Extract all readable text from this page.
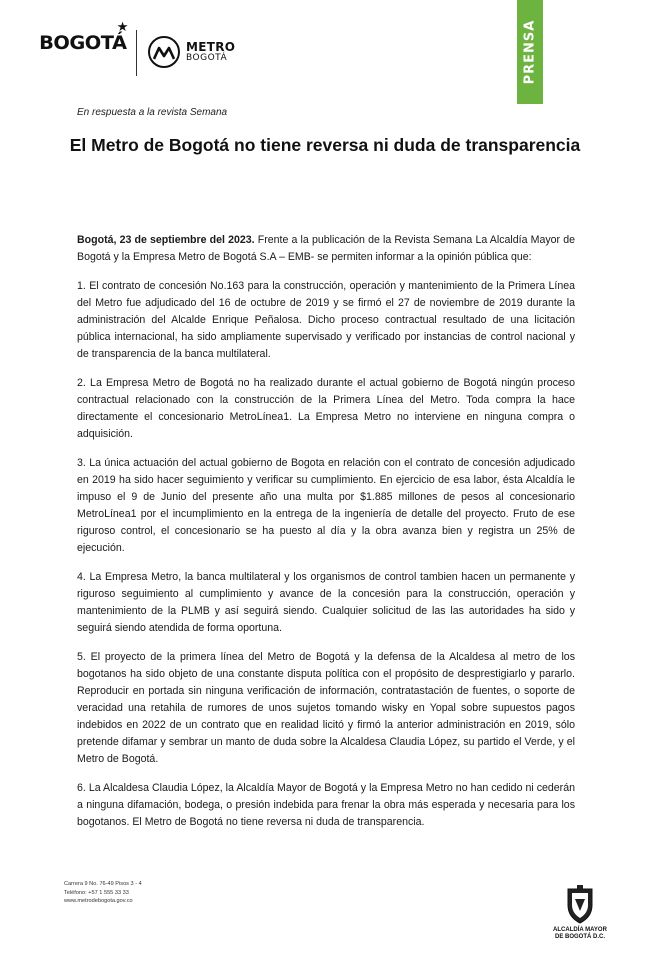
BOGOTÁ
★
METRO
BOGOTÁ	PRENSA
En respuesta a la revista Semana
El Metro de Bogotá no tiene reversa ni duda de transparencia

Bogotá, 23 de septiembre del 2023. Frente a la publicación de la Revista Semana La Alcaldía Mayor de Bogotá y la Empresa Metro de Bogotá S.A – EMB- se permiten informar a la opinión pública que:

1. El contrato de concesión No.163 para la construcción, operación y mantenimiento de la Primera Línea del Metro fue adjudicado del 16 de octubre de 2019 y se firmó el 27 de noviembre de 2019 durante la administración del Alcalde Enrique Peñalosa. Dicho proceso contractual resultado de una licitación pública internacional, ha sido ampliamente supervisado y verificado por instancias de control nacional y de transparencia de la banca multilateral.

2. La Empresa Metro de Bogotá no ha realizado durante el actual gobierno de Bogotá ningún proceso contractual relacionado con la construcción de la Primera Línea del Metro. Toda compra la hace directamente el concesionario MetroLínea1. La Empresa Metro no interviene en ninguna compra o adquisición.

3. La única actuación del actual gobierno de Bogota en relación con el contrato de concesión adjudicado en 2019 ha sido hacer seguimiento y verificar su cumplimiento. En ejercicio de esa labor, ésta Alcaldía le impuso el 9 de Junio del presente año una multa por $1.885 millones de pesos al concesionario MetroLínea1 por el incumplimiento en la entrega de la ingeniería de detalle del proyecto. Fruto de ese riguroso control, el concesionario se ha puesto al día y la obra avanza bien y registra un 25% de ejecución.

4. La Empresa Metro, la banca multilateral y los organismos de control tambien hacen un permanente y riguroso seguimiento al cumplimiento y avance de la concesión para la construcción, operación y mantenimiento de la PLMB y así seguirá siendo. Cualquier solicitud de las las autoridades ha sido y seguirá siendo atendida de forma oportuna.

5. El proyecto de la primera línea del Metro de Bogotá y la defensa de la Alcaldesa al metro de los bogotanos ha sido objeto de una constante disputa política con el propósito de desprestigiarlo y pararlo. Reproducir en portada sin ninguna verificación de información, contratastación de fuentes, o soporte de veracidad una retahila de rumores de unos sujetos tomando wisky en Yopal sobre supuestos pagos indebidos en 2022 de un contrato que en realidad licitó y firmó la anterior administración en 2019, sólo pretende difamar y sembrar un manto de duda sobre la Alcaldesa Claudia López, su partido el Verde, y el Metro de Bogotá.

6. La Alcaldesa Claudia López, la Alcaldía Mayor de Bogotá y la Empresa Metro no han cedido ni cederán a ninguna difamación, bodega, o presión indebida para frenar la obra más esperada y necesaria para los bogotanos. El Metro de Bogotá no tiene reversa ni duda de transparencia.

Carrera 9 No. 76-49 Pisos 3 - 4
Teléfono: +57 1 555 33 33
www.metrodebogota.gov.co
ALCALDÍA MAYOR
DE BOGOTÁ D.C.
